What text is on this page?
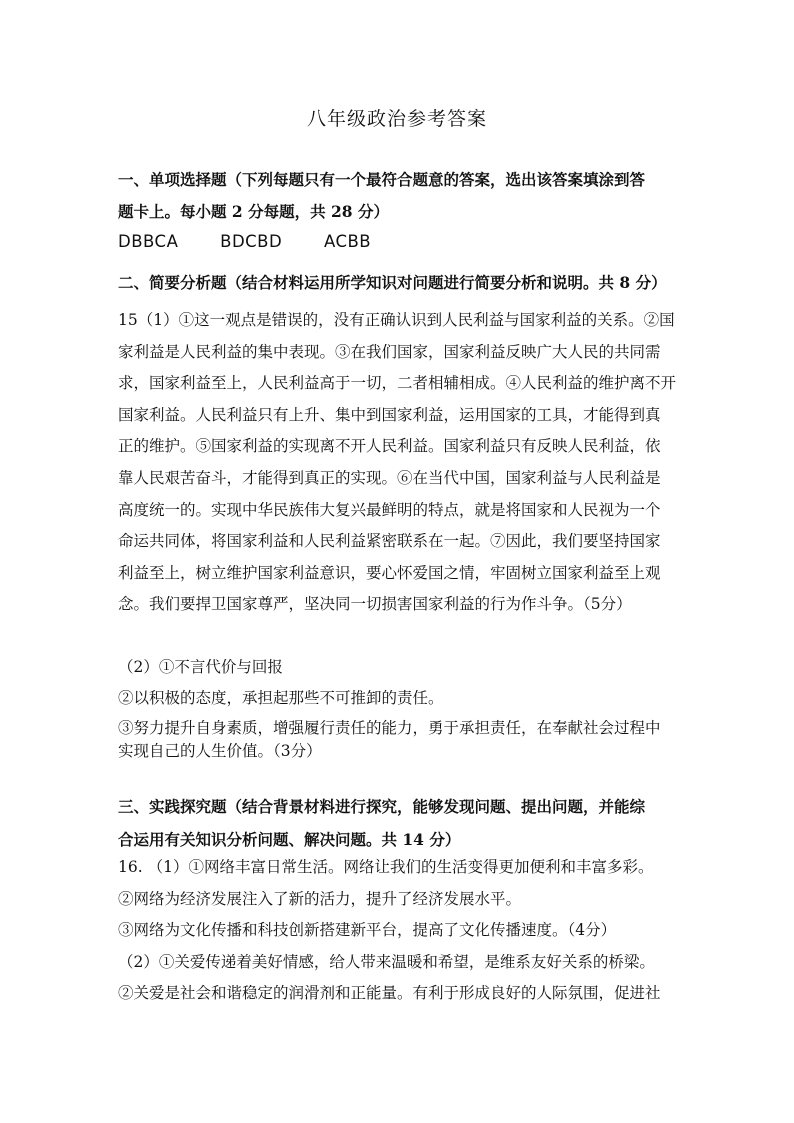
八年级政治参考答案
一、单项选择题（下列每题只有一个最符合题意的答案，选出该答案填涂到答
题卡上。每小题 2 分每题，共 28 分）
DBBCA	BDCBD	ACBB
二、简要分析题（结合材料运用所学知识对问题进行简要分析和说明。共 8 分）
15（1）①这一观点是错误的，没有正确认识到人民利益与国家利益的关系。②国
家利益是人民利益的集中表现。③在我们国家，国家利益反映广大人民的共同需
求，国家利益至上，人民利益高于一切，二者相辅相成。④人民利益的维护离不开
国家利益。人民利益只有上升、集中到国家利益，运用国家的工具，才能得到真
正的维护。⑤国家利益的实现离不开人民利益。国家利益只有反映人民利益，依
靠人民艰苦奋斗，才能得到真正的实现。⑥在当代中国，国家利益与人民利益是
高度统一的。实现中华民族伟大复兴最鲜明的特点，就是将国家和人民视为一个
命运共同体，将国家利益和人民利益紧密联系在一起。⑦因此，我们要坚持国家
利益至上，树立维护国家利益意识，要心怀爱国之情，牢固树立国家利益至上观
念。我们要捍卫国家尊严，坚决同一切损害国家利益的行为作斗争。（5分）
（2）①不言代价与回报
②以积极的态度，承担起那些不可推卸的责任。
③努力提升自身素质，增强履行责任的能力，勇于承担责任，在奉献社会过程中
实现自己的人生价值。（3分）
三、实践探究题（结合背景材料进行探究，能够发现问题、提出问题，并能综
合运用有关知识分析问题、解决问题。共 14 分）
16. （1）①网络丰富日常生活。网络让我们的生活变得更加便利和丰富多彩。
②网络为经济发展注入了新的活力，提升了经济发展水平。
③网络为文化传播和科技创新搭建新平台，提高了文化传播速度。（4分）
（2）①关爱传递着美好情感，给人带来温暖和希望，是维系友好关系的桥梁。
②关爱是社会和谐稳定的润滑剂和正能量。有利于形成良好的人际氛围，促进社
